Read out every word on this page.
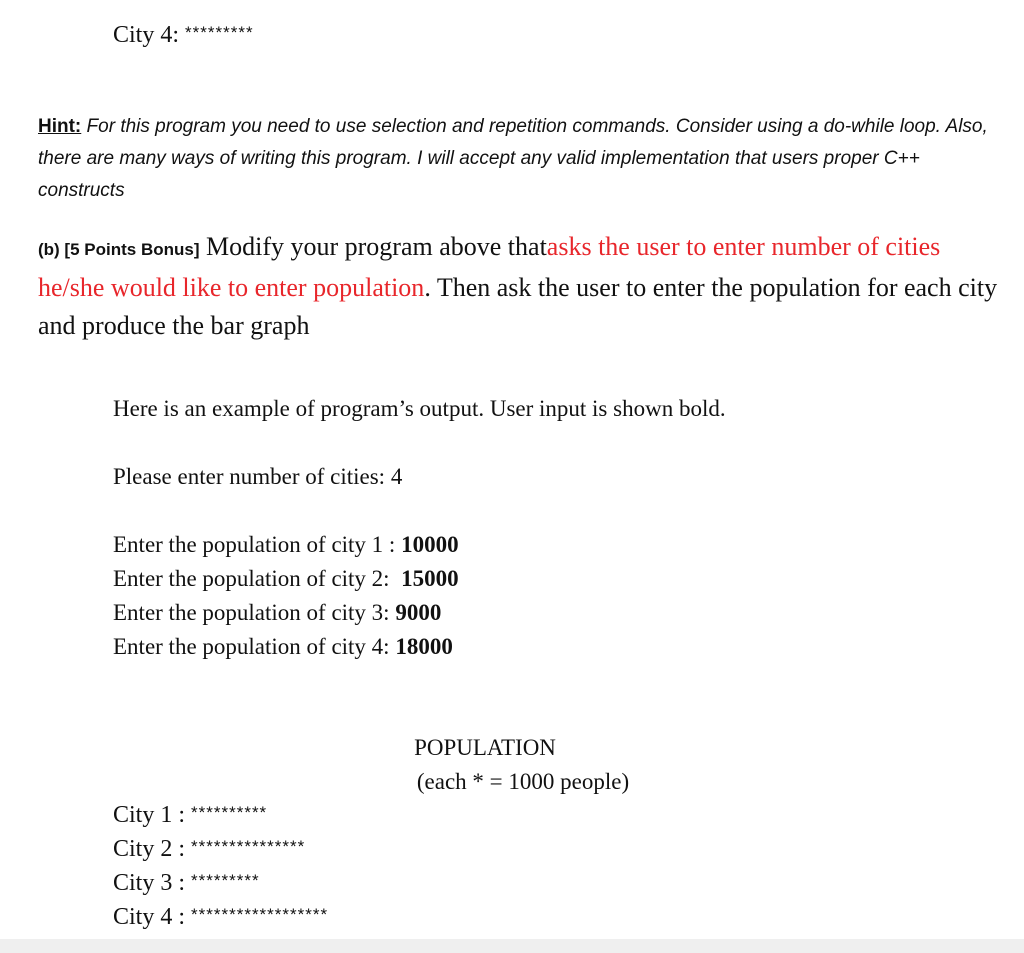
City 4: *********
Hint: For this program you need to use selection and repetition commands. Consider using a do-while loop. Also, there are many ways of writing this program. I will accept any valid implementation that users proper C++ constructs
(b) [5 Points Bonus] Modify your program above thatasks the user to enter number of cities he/she would like to enter population. Then ask the user to enter the population for each city and produce the bar graph
Here is an example of program’s output. User input is shown bold.
Please enter number of cities: 4
Enter the population of city 1 : 10000
Enter the population of city 2: 15000
Enter the population of city 3: 9000
Enter the population of city 4: 18000
POPULATION
(each * = 1000 people)
City 1 : **********
City 2 : ***************
City 3 : *********
City 4 : ******************
